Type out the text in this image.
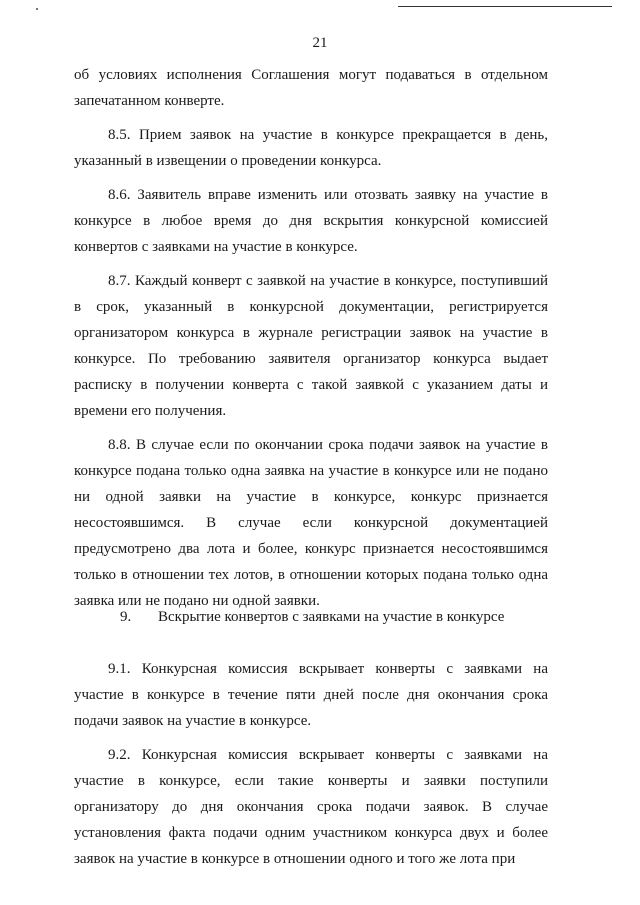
21

об условиях исполнения Соглашения могут подаваться в отдельном запечатанном конверте.

8.5. Прием заявок на участие в конкурсе прекращается в день, указанный в извещении о проведении конкурса.

8.6. Заявитель вправе изменить или отозвать заявку на участие в конкурсе в любое время до дня вскрытия конкурсной комиссией конвертов с заявками на участие в конкурсе.

8.7. Каждый конверт с заявкой на участие в конкурсе, поступивший в срок, указанный в конкурсной документации, регистрируется организатором конкурса в журнале регистрации заявок на участие в конкурсе. По требованию заявителя организатор конкурса выдает расписку в получении конверта с такой заявкой с указанием даты и времени его получения.

8.8. В случае если по окончании срока подачи заявок на участие в конкурсе подана только одна заявка на участие в конкурсе или не подано ни одной заявки на участие в конкурсе, конкурс признается несостоявшимся. В случае если конкурсной документацией предусмотрено два лота и более, конкурс признается несостоявшимся только в отношении тех лотов, в отношении которых подана только одна заявка или не подано ни одной заявки.

9. Вскрытие конвертов с заявками на участие в конкурсе

9.1. Конкурсная комиссия вскрывает конверты с заявками на участие в конкурсе в течение пяти дней после дня окончания срока подачи заявок на участие в конкурсе.

9.2. Конкурсная комиссия вскрывает конверты с заявками на участие в конкурсе, если такие конверты и заявки поступили организатору до дня окончания срока подачи заявок. В случае установления факта подачи одним участником конкурса двух и более заявок на участие в конкурсе в отношении одного и того же лота при
